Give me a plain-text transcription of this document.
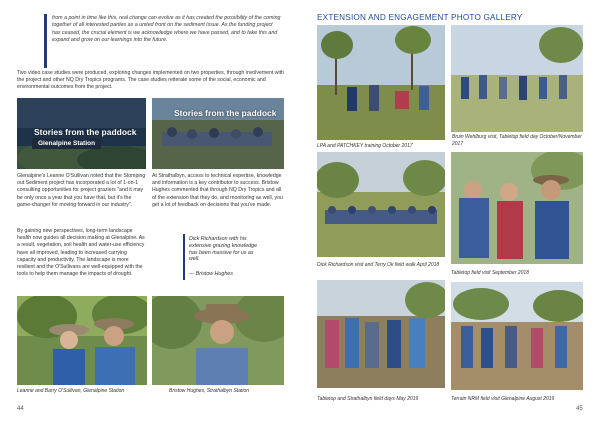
from a point in time like this, real change can evolve as it has created the possibility of the coming together of all interested parties as a united front on the sediment issue. As the funding project has ceased, the crucial element is we acknowledge where we have passed, and to take this and expand and grow on our learnings into the future.
Two video case studies were produced, exploring changes implemented on two properties, through involvement with the project and other NQ Dry Tropics programs. The case studies reiterate some of the social, economic and environmental outcomes from the project.
Stories from the paddock
Glenalpine Station
Stories from the paddock
Glenalpine's Leanne O'Sullivan noted that the Stomping out Sediment project has incorporated a lot of 1-on-1 consulting opportunities for project graziers "and it may be only once a year that you have that, but it's the game-changer for moving forward in our industry".
By gaining new perspectives, long-term landscape health now guides all decision making at Glenalpine. As a result, vegetation, soil health and water-use efficiency have all improved, leading to increased carrying capacity and productivity. The landscape is more resilient and the O'Sullivans are well-equipped with the tools to help them manage the impacts of drought.
At Strathalbyn, access to technical expertise, knowledge and information is a key contributor to success. Bristow Hughes commented that through NQ Dry Tropics and all of the extension that they do, and monitoring as well, you get a lot of feedback on decisions that you've made.
Dick Richardson with his extensive grazing knowledge has been massive for us as well.
— Bristow Hughes
Leanne and Barry O'Sullivan, Glenalpine Station	Bristow Hughes, Strathalbyn Station
44
EXTENSION AND ENGAGEMENT PHOTO GALLERY
LPA and PATCHKEY training October 2017
Bruin Wehlburg visit, Tabletop field day October/November 2017
Dick Richardson visit and Terry Ok field walk April 2018
Tabletop field visit September 2018
Tabletop and Strathalbyn field days May 2019	Terrain NRM field visit Glenalpine August 2019
45
